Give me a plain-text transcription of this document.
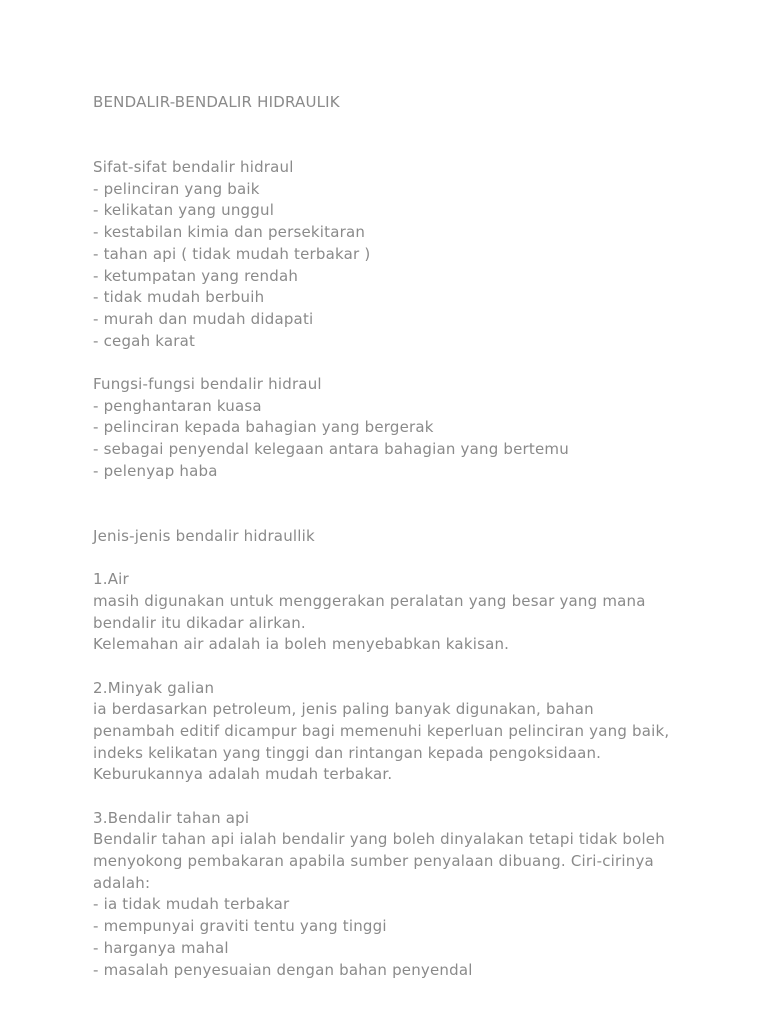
BENDALIR-BENDALIR HIDRAULIK
Sifat-sifat bendalir hidraul
- pelinciran yang baik
- kelikatan yang unggul
- kestabilan kimia dan persekitaran
- tahan api ( tidak mudah terbakar )
- ketumpatan yang rendah
- tidak mudah berbuih
- murah dan mudah didapati
- cegah karat
Fungsi-fungsi bendalir hidraul
- penghantaran kuasa
- pelinciran kepada bahagian yang bergerak
- sebagai penyendal kelegaan antara bahagian yang bertemu
- pelenyap haba
Jenis-jenis bendalir hidraullik
1.Air
masih digunakan untuk menggerakan peralatan yang besar yang mana
bendalir itu dikadar alirkan.
Kelemahan air adalah ia boleh menyebabkan kakisan.
2.Minyak galian
ia berdasarkan petroleum, jenis paling banyak digunakan, bahan
penambah editif dicampur bagi memenuhi keperluan pelinciran yang baik,
indeks kelikatan yang tinggi dan rintangan kepada pengoksidaan.
Keburukannya adalah mudah terbakar.
3.Bendalir tahan api
Bendalir tahan api ialah bendalir yang boleh dinyalakan tetapi tidak boleh
menyokong pembakaran apabila sumber penyalaan dibuang. Ciri-cirinya
adalah:
- ia tidak mudah terbakar
- mempunyai graviti tentu yang tinggi
- harganya mahal
- masalah penyesuaian dengan bahan penyendal
